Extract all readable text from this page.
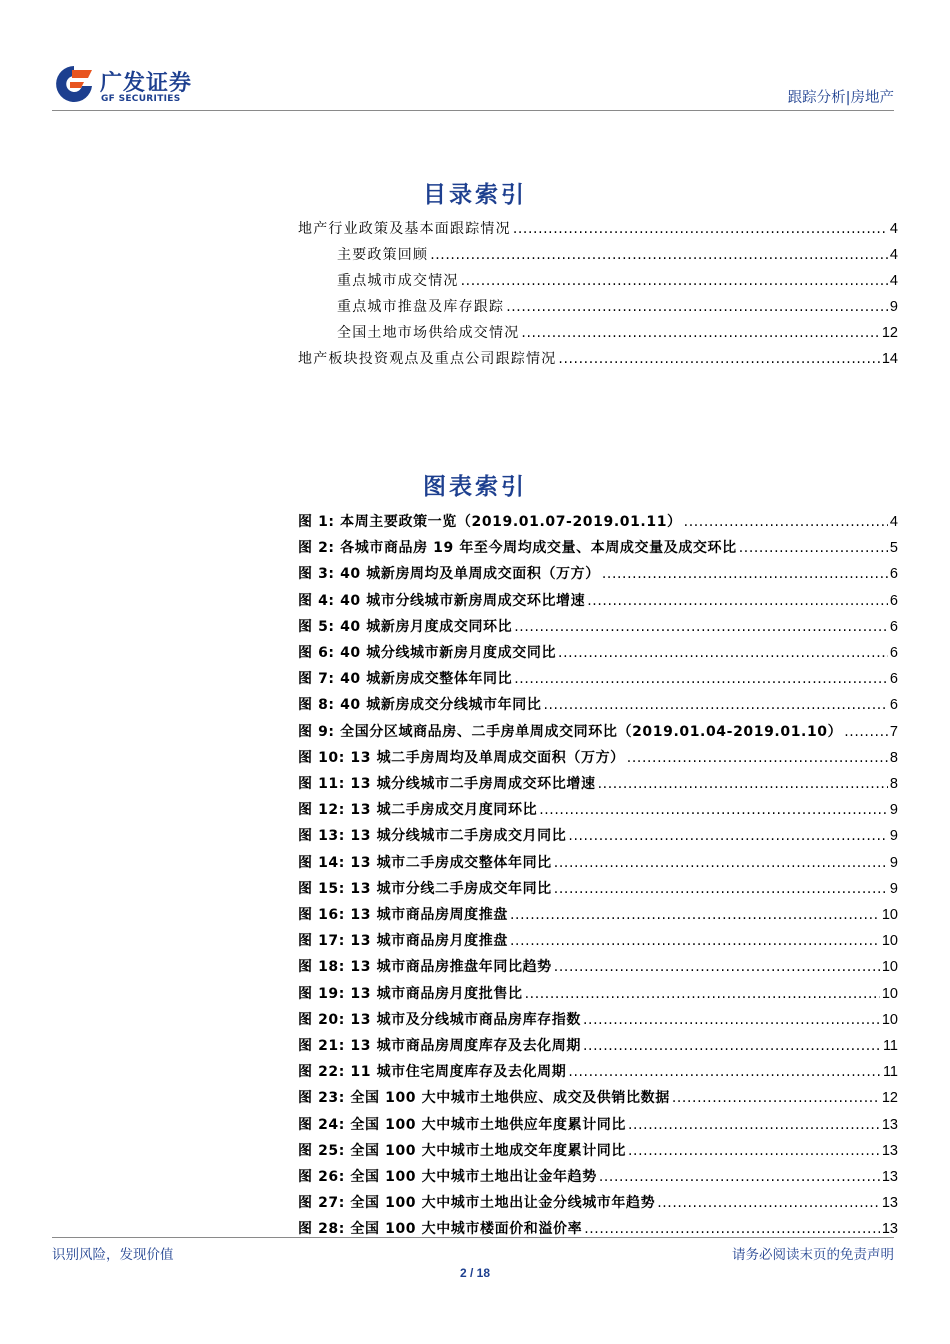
广发证券
GF SECURITIES	跟踪分析|房地产
目录索引
地产行业政策及基本面跟踪情况 .....	4
主要政策回顾 .....	4
重点城市成交情况 .....	4
重点城市推盘及库存跟踪 .....	9
全国土地市场供给成交情况 .....	12
地产板块投资观点及重点公司跟踪情况 .....	14
图表索引
图 1: 本周主要政策一览（2019.01.07-2019.01.11） .....	4
图 2: 各城市商品房 19 年至今周均成交量、本周成交量及成交环比 .....	5
图 3: 40 城新房周均及单周成交面积（万方） .....	6
图 4: 40 城市分线城市新房周成交环比增速 .....	6
图 5: 40 城新房月度成交同环比 .....	6
图 6: 40 城分线城市新房月度成交同比 .....	6
图 7: 40 城新房成交整体年同比 .....	6
图 8: 40 城新房成交分线城市年同比 .....	6
图 9: 全国分区域商品房、二手房单周成交同环比（2019.01.04-2019.01.10） .....	7
图 10: 13 城二手房周均及单周成交面积（万方） .....	8
图 11: 13 城分线城市二手房周成交环比增速 .....	8
图 12: 13 城二手房成交月度同环比 .....	9
图 13: 13 城分线城市二手房成交月同比 .....	9
图 14: 13 城市二手房成交整体年同比 .....	9
图 15: 13 城市分线二手房成交年同比 .....	9
图 16: 13 城市商品房周度推盘 .....	10
图 17: 13 城市商品房月度推盘 .....	10
图 18: 13 城市商品房推盘年同比趋势 .....	10
图 19: 13 城市商品房月度批售比 .....	10
图 20: 13 城市及分线城市商品房库存指数 .....	10
图 21: 13 城市商品房周度库存及去化周期 .....	11
图 22: 11 城市住宅周度库存及去化周期 .....	11
图 23: 全国 100 大中城市土地供应、成交及供销比数据 .....	12
图 24: 全国 100 大中城市土地供应年度累计同比 .....	13
图 25: 全国 100 大中城市土地成交年度累计同比 .....	13
图 26: 全国 100 大中城市土地出让金年趋势 .....	13
图 27: 全国 100 大中城市土地出让金分线城市年趋势 .....	13
图 28: 全国 100 大中城市楼面价和溢价率 .....	13
识别风险，发现价值	请务必阅读末页的免责声明
2 / 18
